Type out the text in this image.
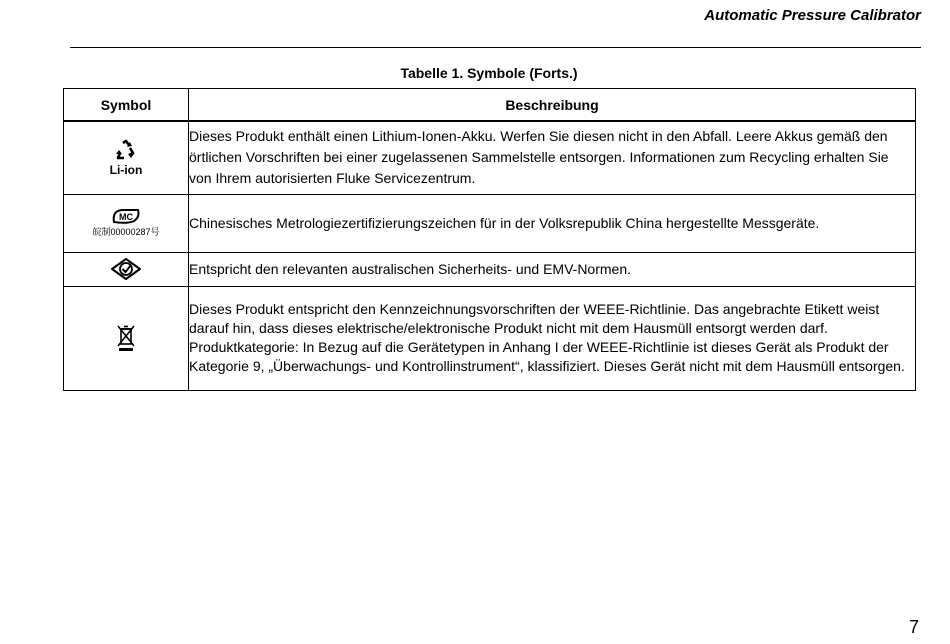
Automatic Pressure Calibrator
Tabelle 1. Symbole (Forts.)
Symbol	Beschreibung

Li-ion	Dieses Produkt enthält einen Lithium-Ionen-Akku. Werfen Sie diesen nicht in den Abfall. Leere Akkus gemäß den örtlichen Vorschriften bei einer zugelassenen Sammelstelle entsorgen. Informationen zum Recycling erhalten Sie von Ihrem autorisierten Fluke Servicezentrum.

MC
皖制00000287号	Chinesisches Metrologiezertifizierungszeichen für in der Volksrepublik China hergestellte Messgeräte.

	Entspricht den relevanten australischen Sicherheits- und EMV-Normen.

	Dieses Produkt entspricht den Kennzeichnungsvorschriften der WEEE-Richtlinie. Das angebrachte Etikett weist darauf hin, dass dieses elektrische/elektronische Produkt nicht mit dem Hausmüll entsorgt werden darf. Produktkategorie: In Bezug auf die Gerätetypen in Anhang I der WEEE-Richtlinie ist dieses Gerät als Produkt der Kategorie 9, „Überwachungs- und Kontrollinstrument“, klassifiziert. Dieses Gerät nicht mit dem Hausmüll entsorgen.
7
